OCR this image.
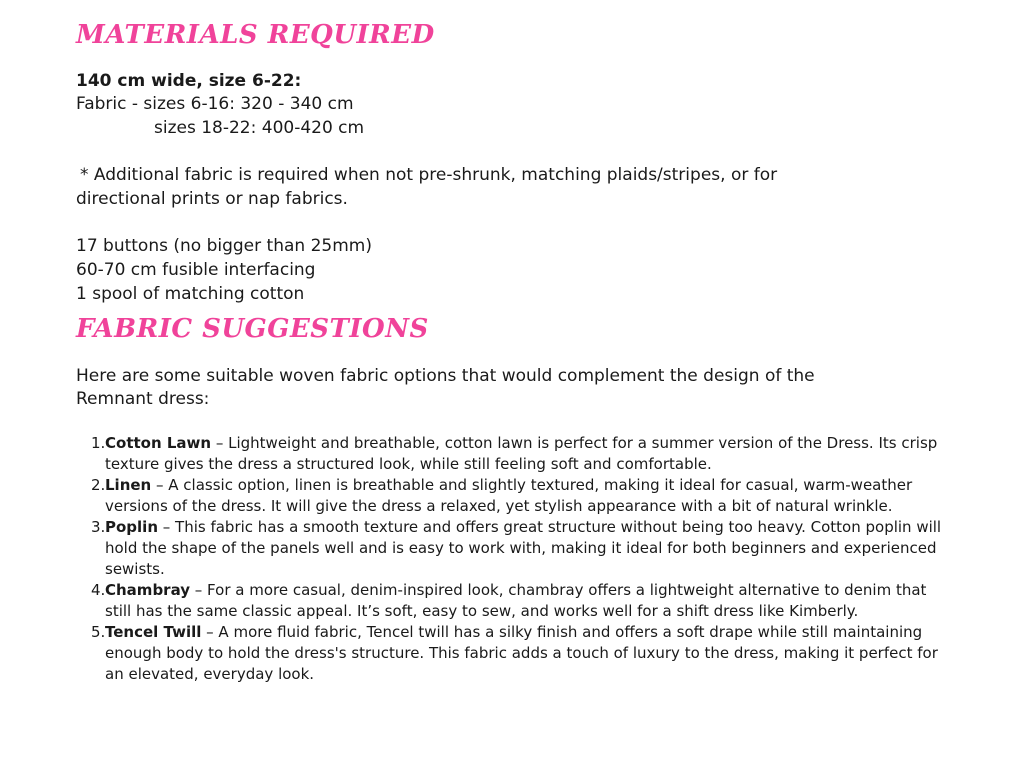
MATERIALS REQUIRED

140 cm wide, size 6-22:

Fabric - sizes 6-16: 320 - 340 cm

sizes 18-22: 400-420 cm

* Additional fabric is required when not pre-shrunk, matching plaids/stripes, or for

directional prints or nap fabrics.

17 buttons (no bigger than 25mm)

60-70 cm fusible interfacing

1 spool of matching cotton

FABRIC SUGGESTIONS

Here are some suitable woven fabric options that would complement the design of the

Remnant dress:

1. Cotton Lawn – Lightweight and breathable, cotton lawn is perfect for a summer version of the Dress. Its crisp texture gives the dress a structured look, while still feeling soft and comfortable.
2. Linen – A classic option, linen is breathable and slightly textured, making it ideal for casual, warm-weather versions of the dress. It will give the dress a relaxed, yet stylish appearance with a bit of natural wrinkle.
3. Poplin – This fabric has a smooth texture and offers great structure without being too heavy. Cotton poplin will hold the shape of the panels well and is easy to work with, making it ideal for both beginners and experienced sewists.
4. Chambray – For a more casual, denim-inspired look, chambray offers a lightweight alternative to denim that still has the same classic appeal. It’s soft, easy to sew, and works well for a shift dress like Kimberly.
5. Tencel Twill – A more fluid fabric, Tencel twill has a silky finish and offers a soft drape while still maintaining enough body to hold the dress's structure. This fabric adds a touch of luxury to the dress, making it perfect for an elevated, everyday look.
